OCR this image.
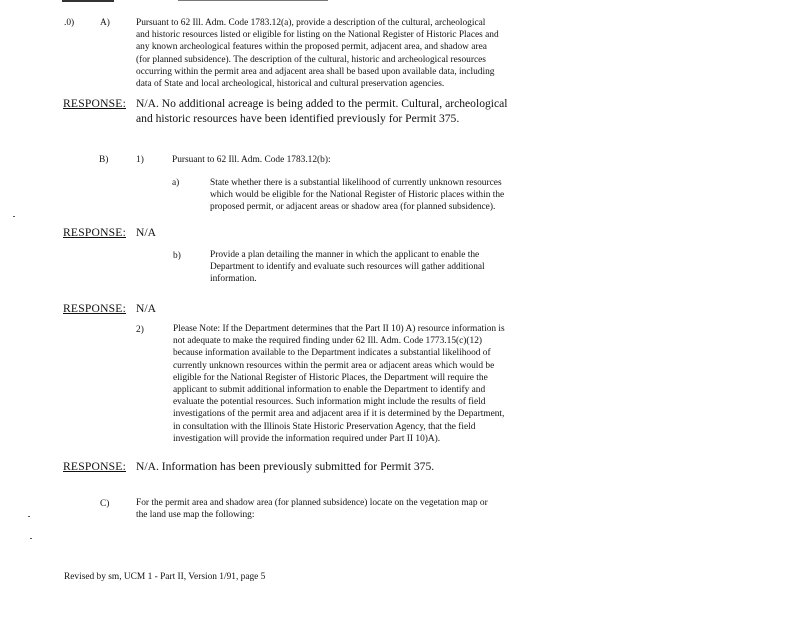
.0)	A)	Pursuant to 62 Ill. Adm. Code 1783.12(a), provide a description of the cultural, archeological
and historic resources listed or eligible for listing on the National Register of Historic Places and
any known archeological features within the proposed permit, adjacent area, and shadow area
(for planned subsidence). The description of the cultural, historic and archeological resources
occurring within the permit area and adjacent area shall be based upon available data, including
data of State and local archeological, historical and cultural preservation agencies.
RESPONSE: N/A. No additional acreage is being added to the permit. Cultural, archeological
and historic resources have been identified previously for Permit 375.
B)	1)	Pursuant to 62 Ill. Adm. Code 1783.12(b):
a)	State whether there is a substantial likelihood of currently unknown resources
which would be eligible for the National Register of Historic places within the
proposed permit, or adjacent areas or shadow area (for planned subsidence).
RESPONSE: N/A
b)	Provide a plan detailing the manner in which the applicant to enable the
Department to identify and evaluate such resources will gather additional
information.
RESPONSE: N/A
2)	Please Note: If the Department determines that the Part II 10) A) resource information is
not adequate to make the required finding under 62 Ill. Adm. Code 1773.15(c)(12)
because information available to the Department indicates a substantial likelihood of
currently unknown resources within the permit area or adjacent areas which would be
eligible for the National Register of Historic Places, the Department will require the
applicant to submit additional information to enable the Department to identify and
evaluate the potential resources. Such information might include the results of field
investigations of the permit area and adjacent area if it is determined by the Department,
in consultation with the Illinois State Historic Preservation Agency, that the field
investigation will provide the information required under Part II 10)A).
RESPONSE: N/A. Information has been previously submitted for Permit 375.
C)	For the permit area and shadow area (for planned subsidence) locate on the vegetation map or
the land use map the following:
Revised by sm, UCM 1 - Part II, Version 1/91, page 5
